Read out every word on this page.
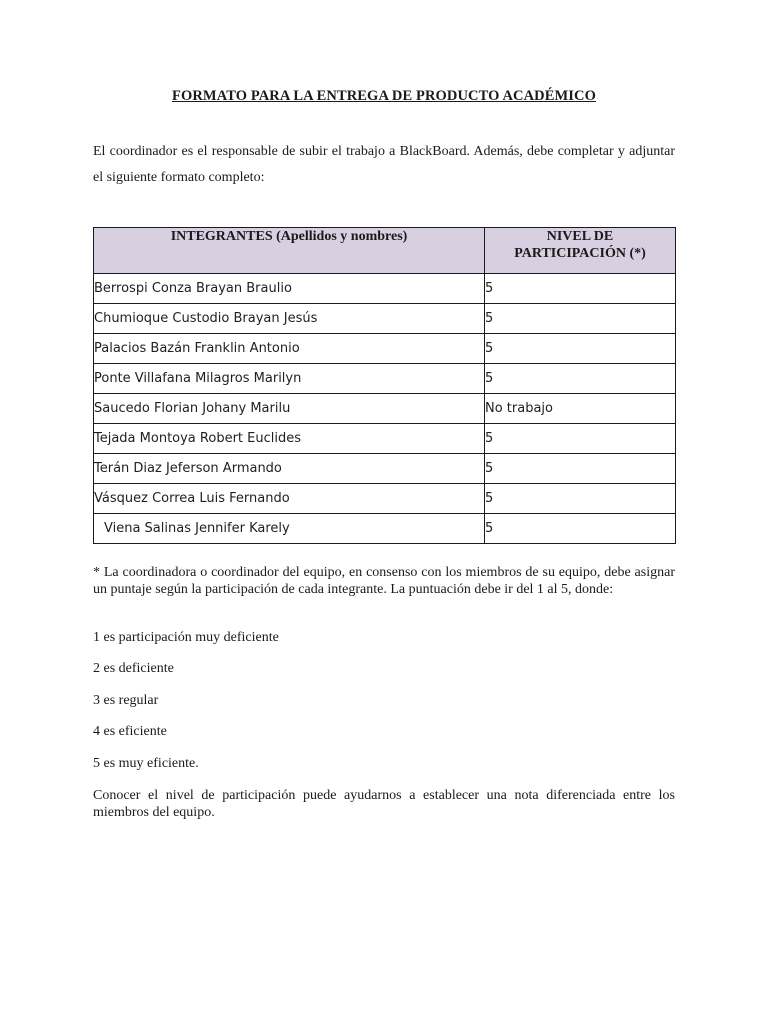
FORMATO PARA LA ENTREGA DE PRODUCTO ACADÉMICO
El coordinador es el responsable de subir el trabajo a BlackBoard. Además, debe completar y adjuntar el siguiente formato completo:
INTEGRANTES (Apellidos y nombres)	NIVEL DE
PARTICIPACIÓN (*)
Berrospi Conza Brayan Braulio	5
Chumioque Custodio Brayan Jesús	5
Palacios Bazán Franklin Antonio	5
Ponte Villafana Milagros Marilyn	5
Saucedo Florian Johany Marilu	No trabajo
Tejada Montoya Robert Euclides	5
Terán Diaz Jeferson Armando	5
Vásquez Correa Luis Fernando	5
Viena Salinas Jennifer Karely	5
* La coordinadora o coordinador del equipo, en consenso con los miembros de su equipo, debe asignar un puntaje según la participación de cada integrante. La puntuación debe ir del 1 al 5, donde:
1 es participación muy deficiente
2 es deficiente
3 es regular
4 es eficiente
5 es muy eficiente.
Conocer el nivel de participación puede ayudarnos a establecer una nota diferenciada entre los miembros del equipo.
